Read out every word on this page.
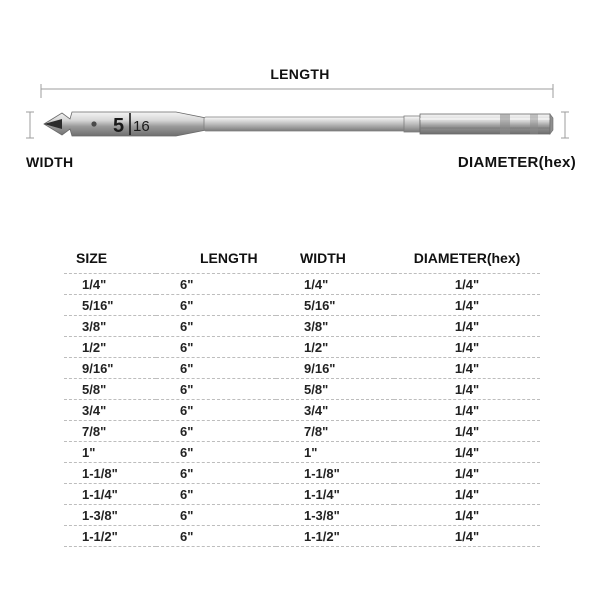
5 16
LENGTH
WIDTH	DIAMETER(hex)
SIZE	LENGTH	WIDTH	DIAMETER(hex)
1/4"	6"	1/4"	1/4"
5/16"	6"	5/16"	1/4"
3/8"	6"	3/8"	1/4"
1/2"	6"	1/2"	1/4"
9/16"	6"	9/16"	1/4"
5/8"	6"	5/8"	1/4"
3/4"	6"	3/4"	1/4"
7/8"	6"	7/8"	1/4"
1"	6"	1"	1/4"
1-1/8"	6"	1-1/8"	1/4"
1-1/4"	6"	1-1/4"	1/4"
1-3/8"	6"	1-3/8"	1/4"
1-1/2"	6"	1-1/2"	1/4"
